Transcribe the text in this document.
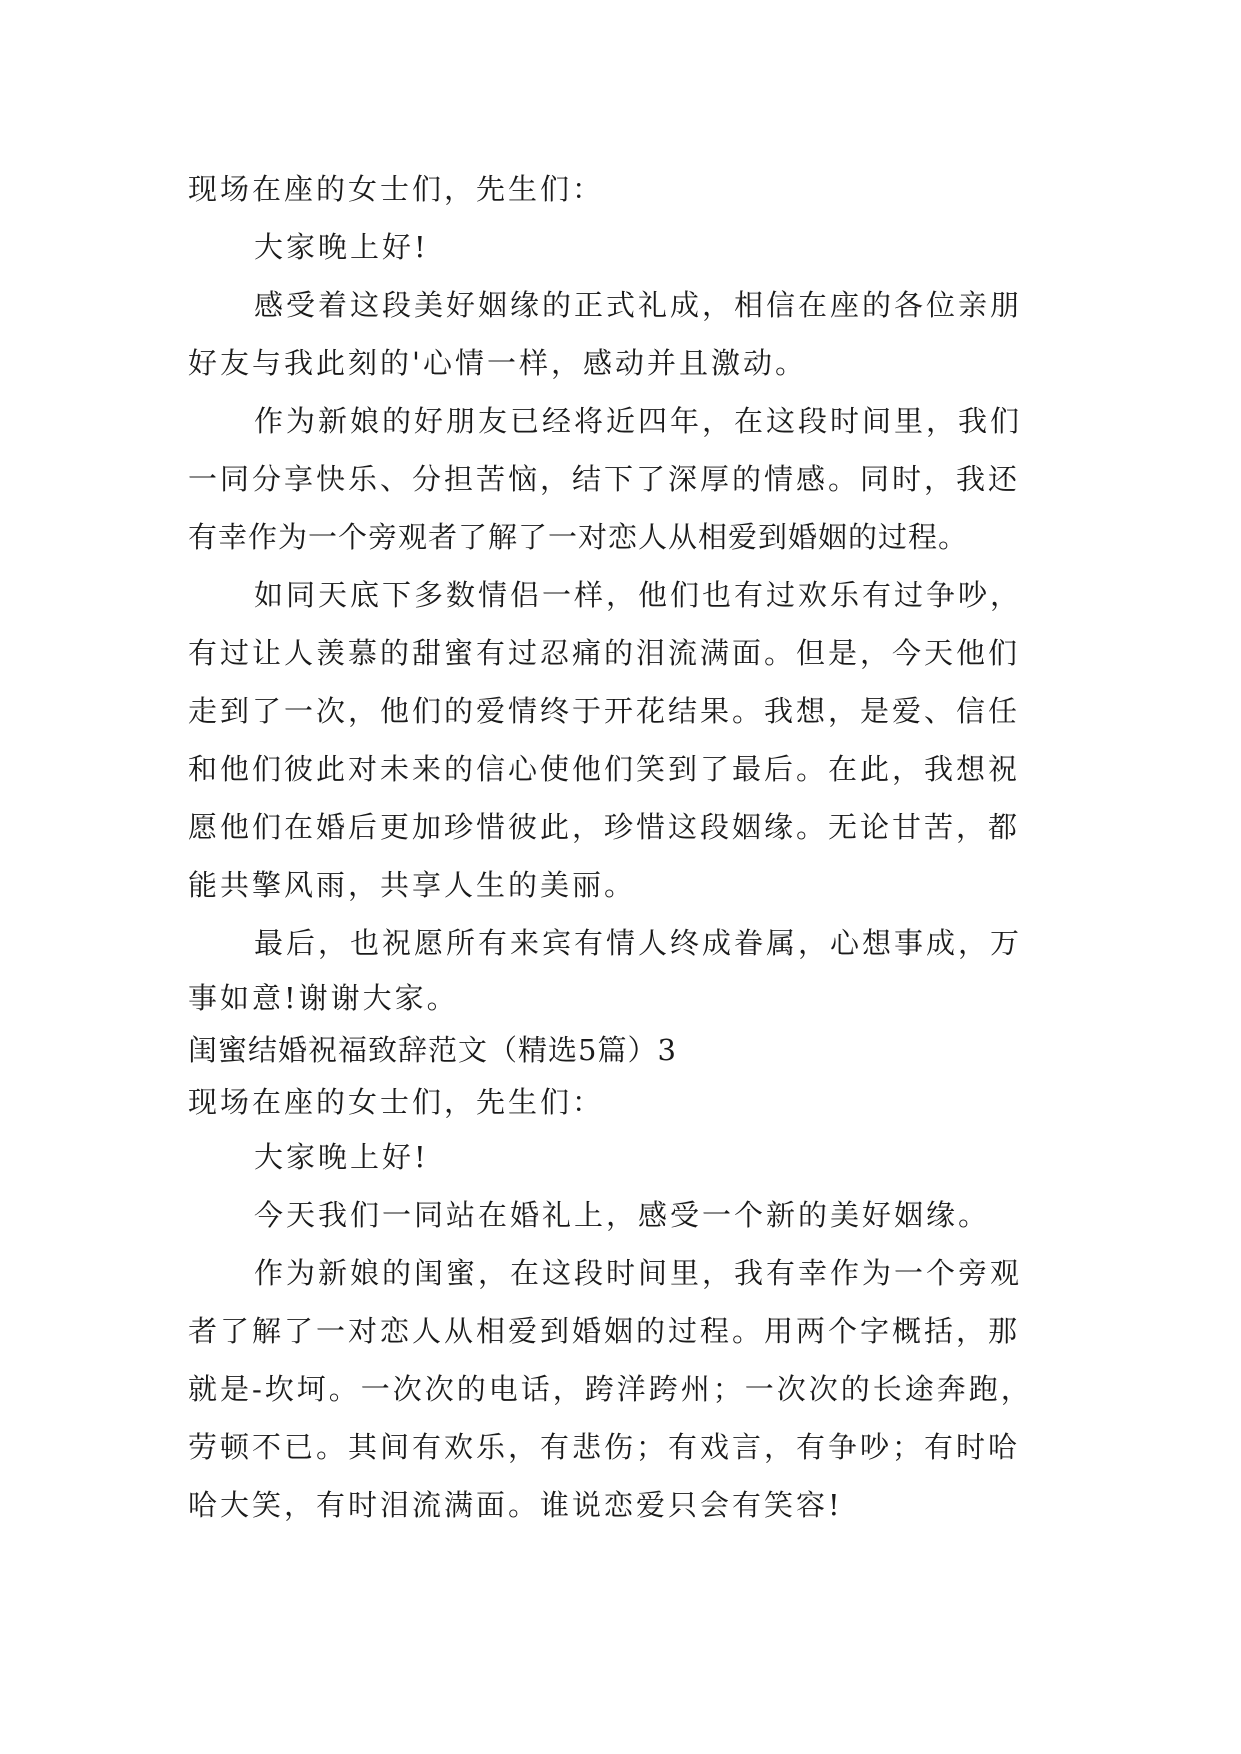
现场在座的女士们，先生们：
大家晚上好!
感受着这段美好姻缘的正式礼成，相信在座的各位亲朋
好友与我此刻的'心情一样，感动并且激动。
作为新娘的好朋友已经将近四年，在这段时间里，我们
一同分享快乐、分担苦恼，结下了深厚的情感。同时，我还
有幸作为一个旁观者了解了一对恋人从相爱到婚姻的过程。
如同天底下多数情侣一样，他们也有过欢乐有过争吵，
有过让人羡慕的甜蜜有过忍痛的泪流满面。但是，今天他们
走到了一次，他们的爱情终于开花结果。我想，是爱、信任
和他们彼此对未来的信心使他们笑到了最后。在此，我想祝
愿他们在婚后更加珍惜彼此，珍惜这段姻缘。无论甘苦，都
能共擎风雨，共享人生的美丽。
最后，也祝愿所有来宾有情人终成眷属，心想事成，万
事如意!谢谢大家。
闺蜜结婚祝福致辞范文（精选5篇）3
现场在座的女士们，先生们：
大家晚上好!
今天我们一同站在婚礼上，感受一个新的美好姻缘。
作为新娘的闺蜜，在这段时间里，我有幸作为一个旁观
者了解了一对恋人从相爱到婚姻的过程。用两个字概括，那
就是-坎坷。一次次的电话，跨洋跨州；一次次的长途奔跑，
劳顿不已。其间有欢乐，有悲伤；有戏言，有争吵；有时哈
哈大笑，有时泪流满面。谁说恋爱只会有笑容!
